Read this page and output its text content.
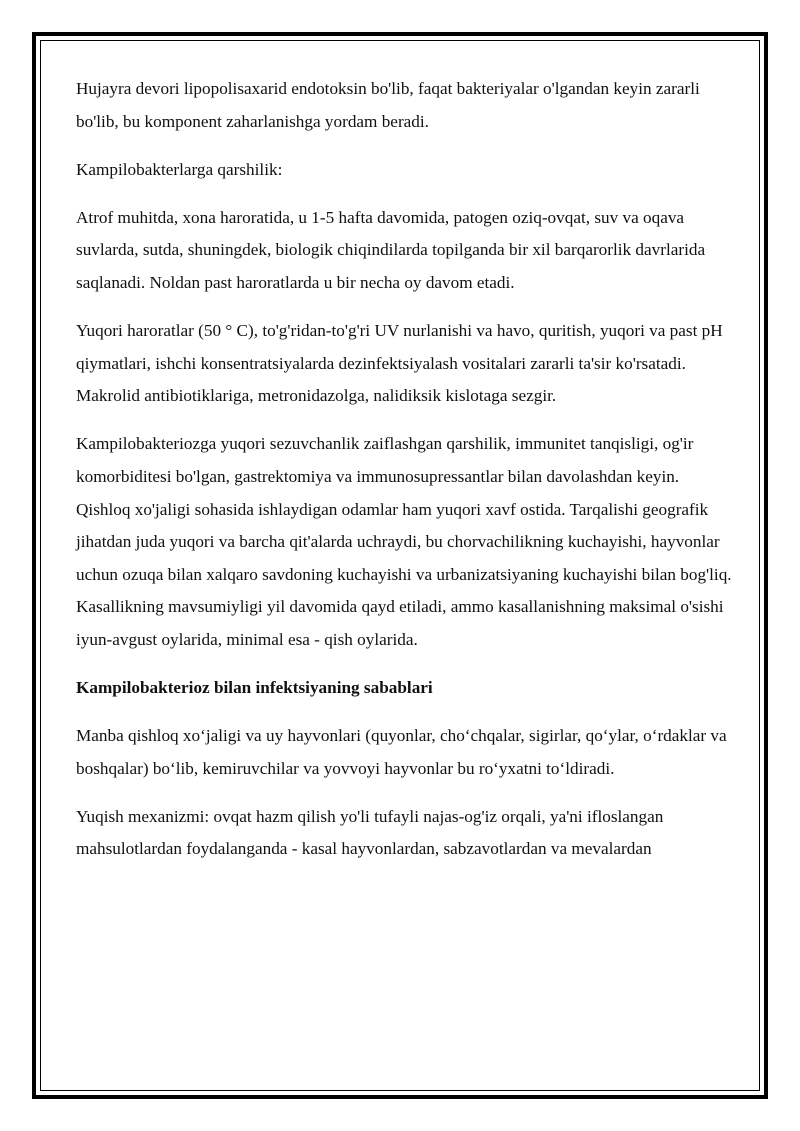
Hujayra devori lipopolisaxarid endotoksin bo'lib, faqat bakteriyalar o'lgandan keyin zararli bo'lib, bu komponent zaharlanishga yordam beradi.

Kampilobakterlarga qarshilik:

Atrof muhitda, xona haroratida, u 1-5 hafta davomida, patogen oziq-ovqat, suv va oqava suvlarda, sutda, shuningdek, biologik chiqindilarda topilganda bir xil barqarorlik davrlarida saqlanadi. Noldan past haroratlarda u bir necha oy davom etadi.

Yuqori haroratlar (50 ° C), to'g'ridan-to'g'ri UV nurlanishi va havo, quritish, yuqori va past pH qiymatlari, ishchi konsentratsiyalarda dezinfektsiyalash vositalari zararli ta'sir ko'rsatadi. Makrolid antibiotiklariga, metronidazolga, nalidiksik kislotaga sezgir.

Kampilobakteriozga yuqori sezuvchanlik zaiflashgan qarshilik, immunitet tanqisligi, og'ir komorbiditesi bo'lgan, gastrektomiya va immunosupressantlar bilan davolashdan keyin. Qishloq xo'jaligi sohasida ishlaydigan odamlar ham yuqori xavf ostida. Tarqalishi geografik jihatdan juda yuqori va barcha qit'alarda uchraydi, bu chorvachilikning kuchayishi, hayvonlar uchun ozuqa bilan xalqaro savdoning kuchayishi va urbanizatsiyaning kuchayishi bilan bog'liq. Kasallikning mavsumiyligi yil davomida qayd etiladi, ammo kasallanishning maksimal o'sishi iyun-avgust oylarida, minimal esa - qish oylarida.

Kampilobakterioz bilan infektsiyaning sabablari

Manba qishloq xoʻjaligi va uy hayvonlari (quyonlar, choʻchqalar, sigirlar, qoʻylar, oʻrdaklar va boshqalar) boʻlib, kemiruvchilar va yovvoyi hayvonlar bu roʻyxatni toʻldiradi.

Yuqish mexanizmi: ovqat hazm qilish yo'li tufayli najas-og'iz orqali, ya'ni ifloslangan mahsulotlardan foydalanganda - kasal hayvonlardan, sabzavotlardan va mevalardan
